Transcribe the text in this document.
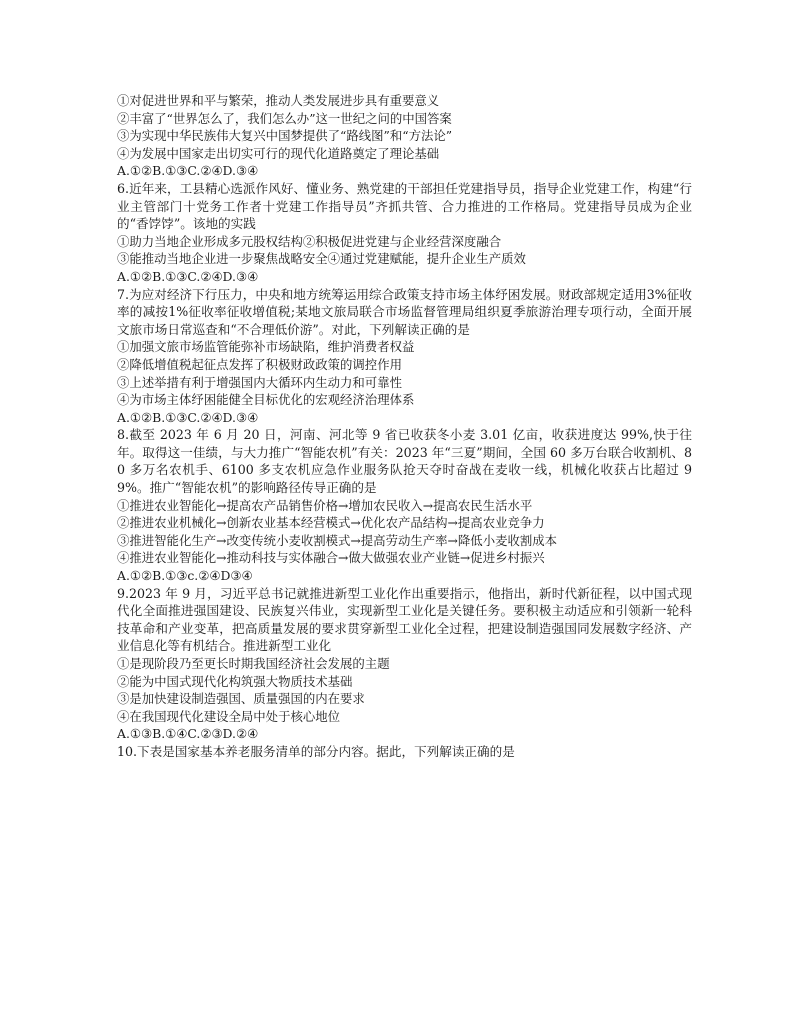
①对促进世界和平与繁荣，推动人类发展进步具有重要意义
②丰富了“世界怎么了，我们怎么办”这一世纪之问的中国答案
③为实现中华民族伟大复兴中国梦提供了“路线图”和“方法论”
④为发展中国家走出切实可行的现代化道路奠定了理论基础
A.①②B.①③C.②④D.③④
6.近年来，工县精心选派作风好、懂业务、熟党建的干部担任党建指导员，指导企业党建工作，构建“行业主管部门十党务工作者十党建工作指导员”齐抓共管、合力推进的工作格局。党建指导员成为企业的“香饽饽”。该地的实践
①助力当地企业形成多元股权结构②积极促进党建与企业经营深度融合
③能推动当地企业进一步聚焦战略安全④通过党建赋能，提升企业生产质效
A.①②B.①③C.②④D.③④
7.为应对经济下行压力，中央和地方统筹运用综合政策支持市场主体纾困发展。财政部规定适用3%征收率的减按1%征收率征收增值税;某地文旅局联合市场监督管理局组织夏季旅游治理专项行动，全面开展文旅市场日常巡查和“不合理低价游”。对此，下列解读正确的是
①加强文旅市场监管能弥补市场缺陷，维护消费者权益
②降低增值税起征点发挥了积极财政政策的调控作用
③上述举措有利于增强国内大循环内生动力和可靠性
④为市场主体纾困能健全目标优化的宏观经济治理体系
A.①②B.①③C.②④D.③④
8.截至 2023 年 6 月 20 日，河南、河北等 9 省已收获冬小麦 3.01 亿亩，收获进度达 99%,快于往年。取得这一佳绩，与大力推广“智能农机”有关：2023 年“三夏”期间，全国 60 多万台联合收割机、80 多万名农机手、6100 多支农机应急作业服务队抢天夺时奋战在麦收一线，机械化收获占比超过 99%。推广“智能农机”的影响路径传导正确的是
①推进农业智能化→提高农产品销售价格→增加农民收入→提高农民生活水平
②推进农业机械化→创新农业基本经营模式→优化农产品结构→提高农业竞争力
③推进智能化生产→改变传统小麦收割模式→提高劳动生产率→降低小麦收割成本
④推进农业智能化→推动科技与实体融合→做大做强农业产业链→促进乡村振兴
A.①②B.①③c.②④D③④
9.2023 年 9 月，习近平总书记就推进新型工业化作出重要指示，他指出，新时代新征程，以中国式现代化全面推进强国建设、民族复兴伟业，实现新型工业化是关键任务。要积极主动适应和引领新一轮科技革命和产业变革，把高质量发展的要求贯穿新型工业化全过程，把建设制造强国同发展数字经济、产业信息化等有机结合。推进新型工业化
①是现阶段乃至更长时期我国经济社会发展的主题
②能为中国式现代化构筑强大物质技术基础
③是加快建设制造强国、质量强国的内在要求
④在我国现代化建设全局中处于核心地位
A.①③B.①④C.②③D.②④
10.下表是国家基本养老服务清单的部分内容。据此，下列解读正确的是
